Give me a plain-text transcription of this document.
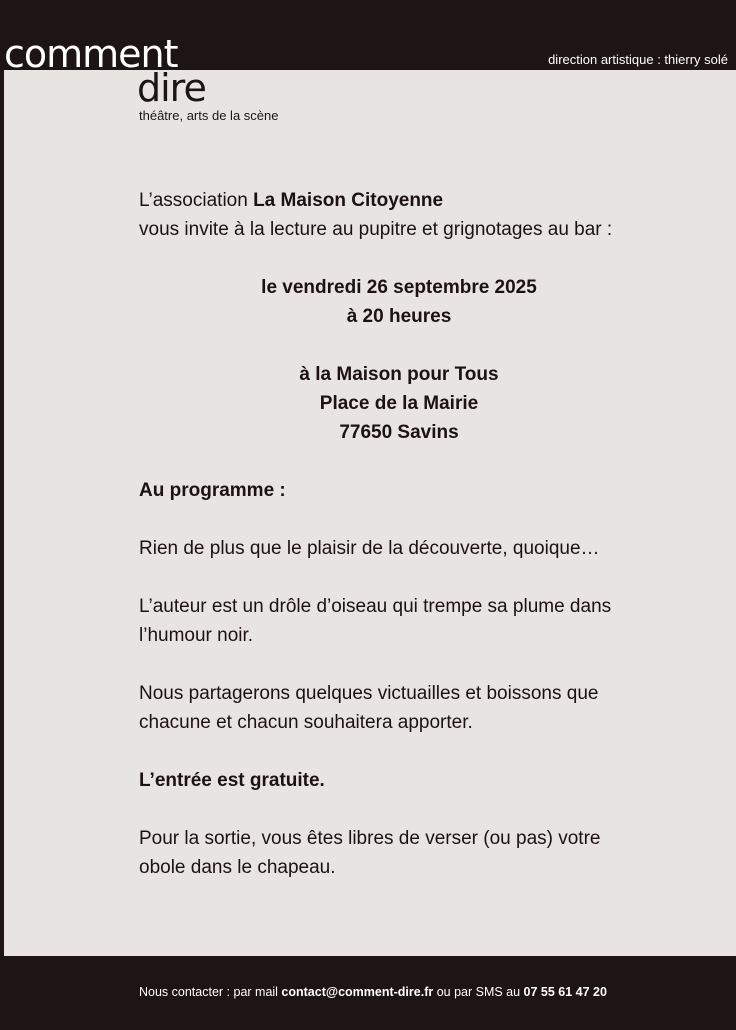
comment
dire
théâtre, arts de la scène
direction artistique : thierry solé

L’association La Maison Citoyenne

vous invite à la lecture au pupitre et grignotages au bar :

le vendredi 26 septembre 2025

à 20 heures

à la Maison pour Tous

Place de la Mairie

77650 Savins

Au programme :

Rien de plus que le plaisir de la découverte, quoique…

L’auteur est un drôle d’oiseau qui trempe sa plume dans

l’humour noir.

Nous partagerons quelques victuailles et boissons que

chacune et chacun souhaitera apporter.

L’entrée est gratuite.

Pour la sortie, vous êtes libres de verser (ou pas) votre

obole dans le chapeau.

Nous contacter : par mail contact@comment-dire.fr ou par SMS au 07 55 61 47 20
